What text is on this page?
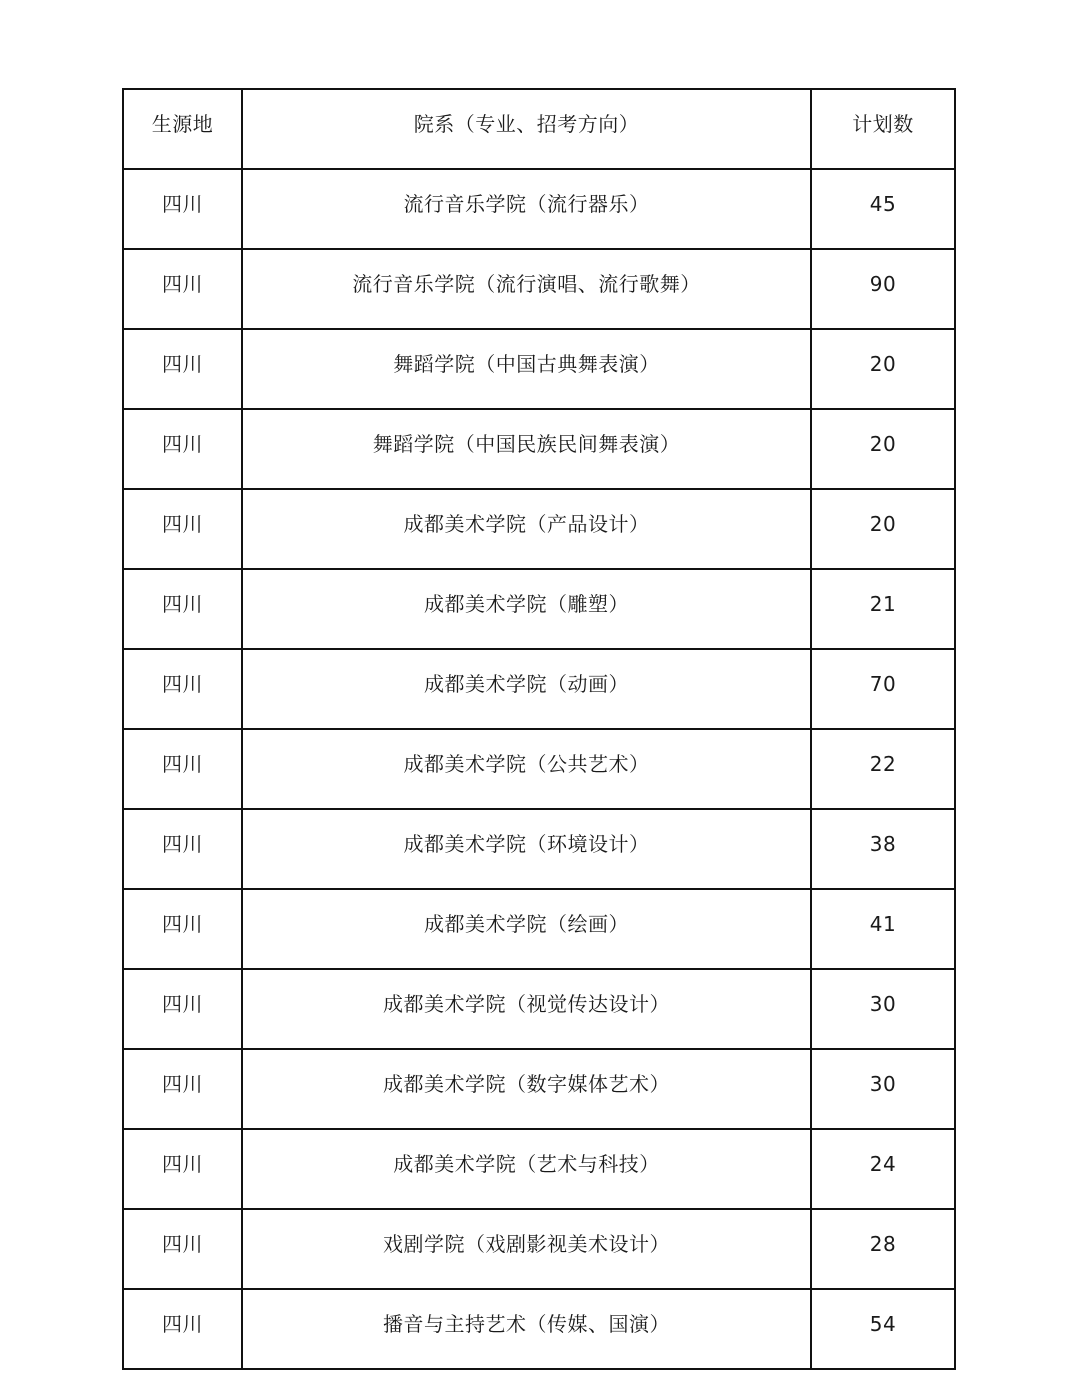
生源地	院系（专业、招考方向）	计划数
四川	流行音乐学院（流行器乐）	45
四川	流行音乐学院（流行演唱、流行歌舞）	90
四川	舞蹈学院（中国古典舞表演）	20
四川	舞蹈学院（中国民族民间舞表演）	20
四川	成都美术学院（产品设计）	20
四川	成都美术学院（雕塑）	21
四川	成都美术学院（动画）	70
四川	成都美术学院（公共艺术）	22
四川	成都美术学院（环境设计）	38
四川	成都美术学院（绘画）	41
四川	成都美术学院（视觉传达设计）	30
四川	成都美术学院（数字媒体艺术）	30
四川	成都美术学院（艺术与科技）	24
四川	戏剧学院（戏剧影视美术设计）	28
四川	播音与主持艺术（传媒、国演）	54
